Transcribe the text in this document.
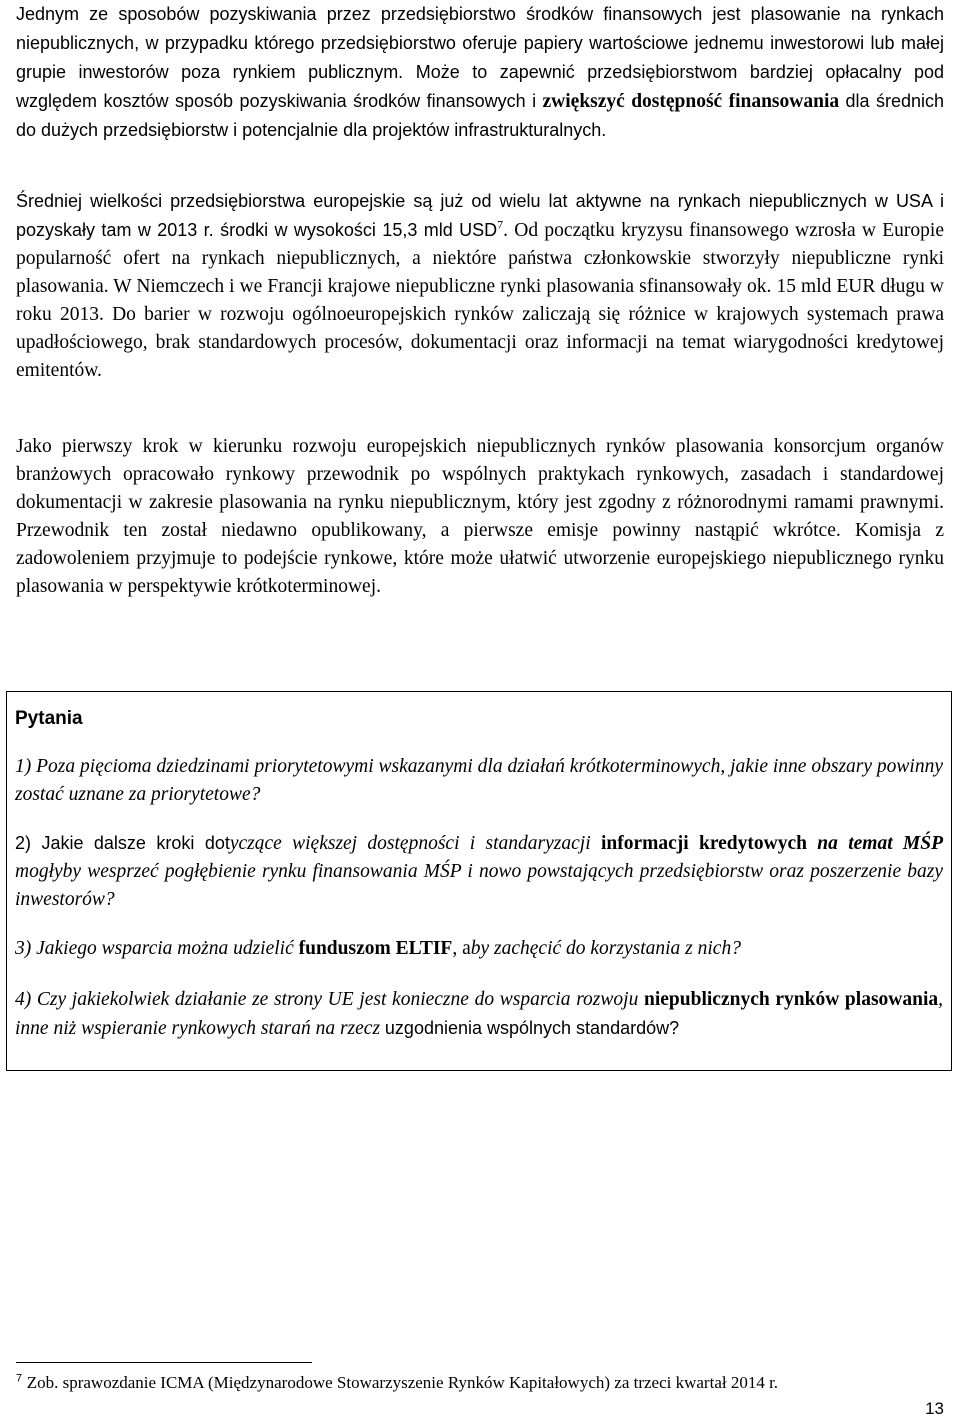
Jednym ze sposobów pozyskiwania przez przedsiębiorstwo środków finansowych jest plasowanie na rynkach niepublicznych, w przypadku którego przedsiębiorstwo oferuje papiery wartościowe jednemu inwestorowi lub małej grupie inwestorów poza rynkiem publicznym. Może to zapewnić przedsiębiorstwom bardziej opłacalny pod względem kosztów sposób pozyskiwania środków finansowych i zwiększyć dostępność finansowania dla średnich do dużych przedsiębiorstw i potencjalnie dla projektów infrastrukturalnych.

Średniej wielkości przedsiębiorstwa europejskie są już od wielu lat aktywne na rynkach niepublicznych w USA i pozyskały tam w 2013 r. środki w wysokości 15,3 mld USD$^7$. Od początku kryzysu finansowego wzrosła w Europie popularność ofert na rynkach niepublicznych, a niektóre państwa członkowskie stworzyły niepubliczne rynki plasowania. W Niemczech i we Francji krajowe niepubliczne rynki plasowania sfinansowały ok. 15 mld EUR długu w roku 2013. Do barier w rozwoju ogólnoeuropejskich rynków zaliczają się różnice w krajowych systemach prawa upadłościowego, brak standardowych procesów, dokumentacji oraz informacji na temat wiarygodności kredytowej emitentów.

Jako pierwszy krok w kierunku rozwoju europejskich niepublicznych rynków plasowania konsorcjum organów branżowych opracowało rynkowy przewodnik po wspólnych praktykach rynkowych, zasadach i standardowej dokumentacji w zakresie plasowania na rynku niepublicznym, który jest zgodny z różnorodnymi ramami prawnymi. Przewodnik ten został niedawno opublikowany, a pierwsze emisje powinny nastąpić wkrótce. Komisja z zadowoleniem przyjmuje to podejście rynkowe, które może ułatwić utworzenie europejskiego niepublicznego rynku plasowania w perspektywie krótkoterminowej.

Pytania

1) Poza pięcioma dziedzinami priorytetowymi wskazanymi dla działań krótkoterminowych, jakie inne obszary powinny zostać uznane za priorytetowe?

2) Jakie dalsze kroki dotyczące większej dostępności i standaryzacji informacji kredytowych na temat MŚP mogłyby wesprzeć pogłębienie rynku finansowania MŚP i nowo powstających przedsiębiorstw oraz poszerzenie bazy inwestorów?

3) Jakiego wsparcia można udzielić funduszom ELTIF, aby zachęcić do korzystania z nich?

4) Czy jakiekolwiek działanie ze strony UE jest konieczne do wsparcia rozwoju niepublicznych rynków plasowania, inne niż wspieranie rynkowych starań na rzecz uzgodnienia wspólnych standardów?

$^7$ Zob. sprawozdanie ICMA (Międzynarodowe Stowarzyszenie Rynków Kapitałowych) za trzeci kwartał 2014 r.

13
